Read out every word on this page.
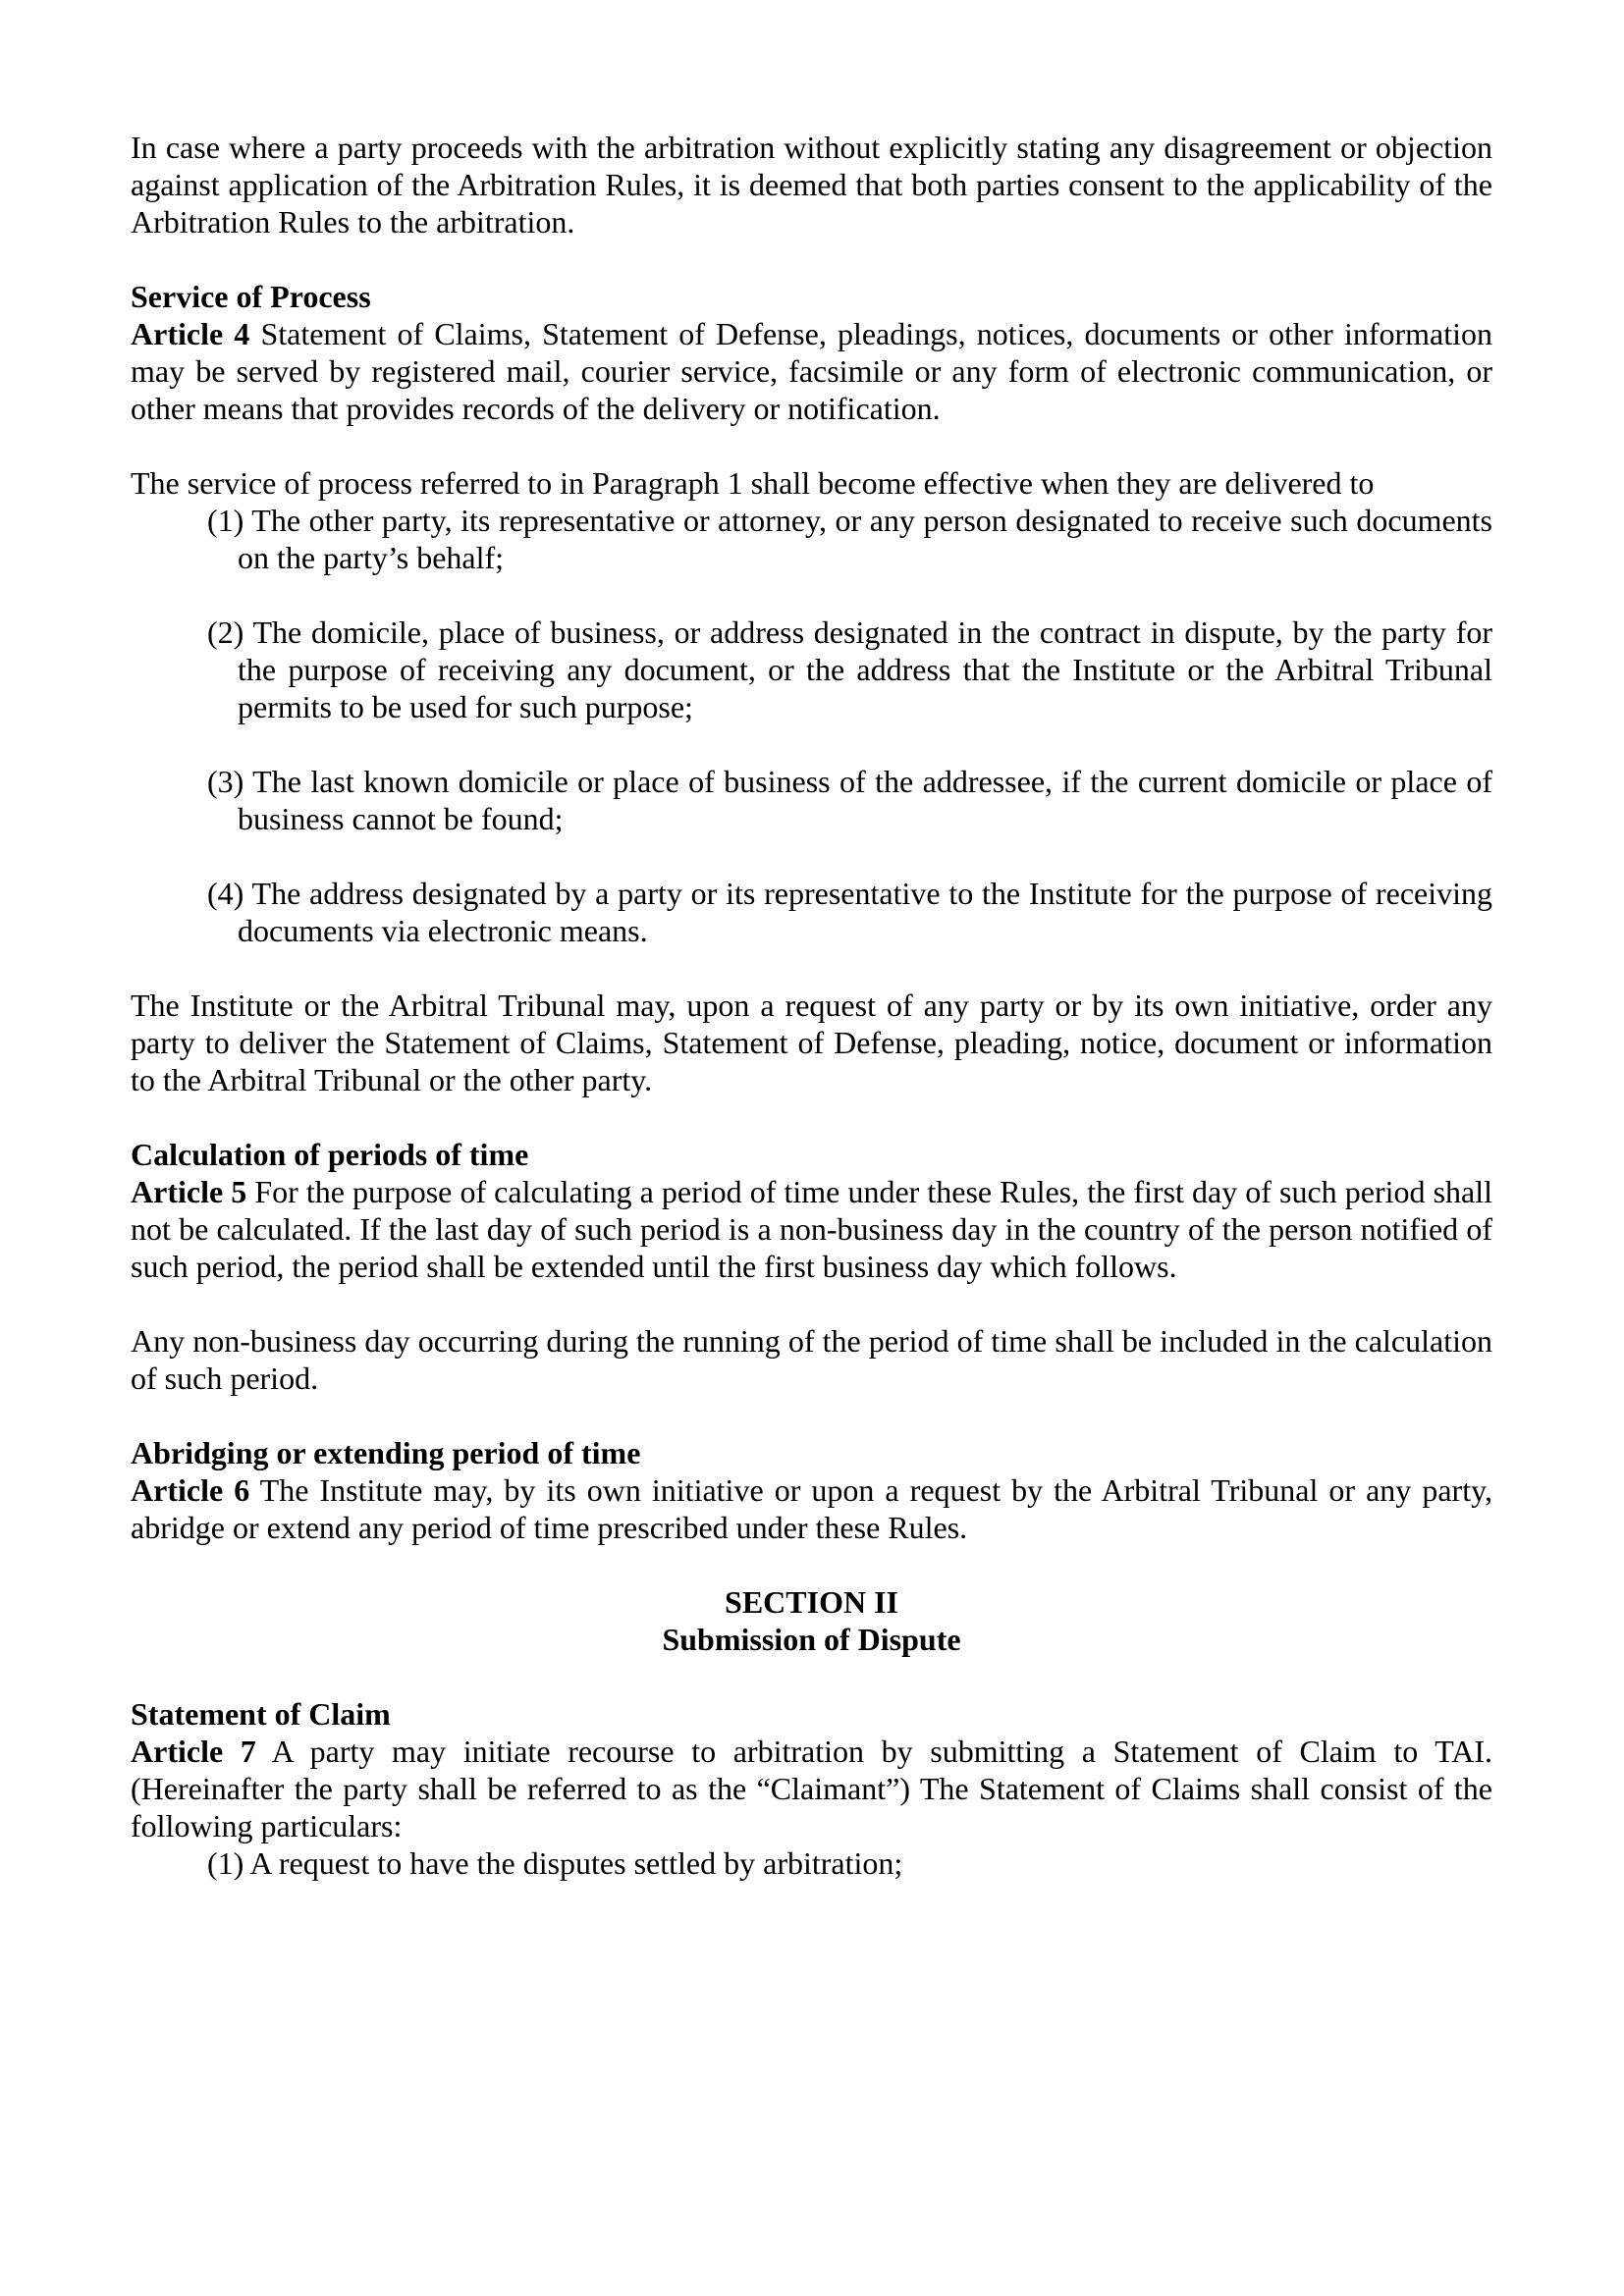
In case where a party proceeds with the arbitration without explicitly stating any disagreement or objection against application of the Arbitration Rules, it is deemed that both parties consent to the applicability of the Arbitration Rules to the arbitration.
Service of Process
Article 4 Statement of Claims, Statement of Defense, pleadings, notices, documents or other information may be served by registered mail, courier service, facsimile or any form of electronic communication, or other means that provides records of the delivery or notification.
The service of process referred to in Paragraph 1 shall become effective when they are delivered to
(1) The other party, its representative or attorney, or any person designated to receive such documents on the party’s behalf;
(2) The domicile, place of business, or address designated in the contract in dispute, by the party for the purpose of receiving any document, or the address that the Institute or the Arbitral Tribunal permits to be used for such purpose;
(3) The last known domicile or place of business of the addressee, if the current domicile or place of business cannot be found;
(4) The address designated by a party or its representative to the Institute for the purpose of receiving documents via electronic means.
The Institute or the Arbitral Tribunal may, upon a request of any party or by its own initiative, order any party to deliver the Statement of Claims, Statement of Defense, pleading, notice, document or information to the Arbitral Tribunal or the other party.
Calculation of periods of time
Article 5 For the purpose of calculating a period of time under these Rules, the first day of such period shall not be calculated. If the last day of such period is a non-business day in the country of the person notified of such period, the period shall be extended until the first business day which follows.
Any non-business day occurring during the running of the period of time shall be included in the calculation of such period.
Abridging or extending period of time
Article 6 The Institute may, by its own initiative or upon a request by the Arbitral Tribunal or any party, abridge or extend any period of time prescribed under these Rules.
SECTION II
Submission of Dispute
Statement of Claim
Article 7 A party may initiate recourse to arbitration by submitting a Statement of Claim to TAI. (Hereinafter the party shall be referred to as the “Claimant”) The Statement of Claims shall consist of the following particulars:
(1) A request to have the disputes settled by arbitration;
